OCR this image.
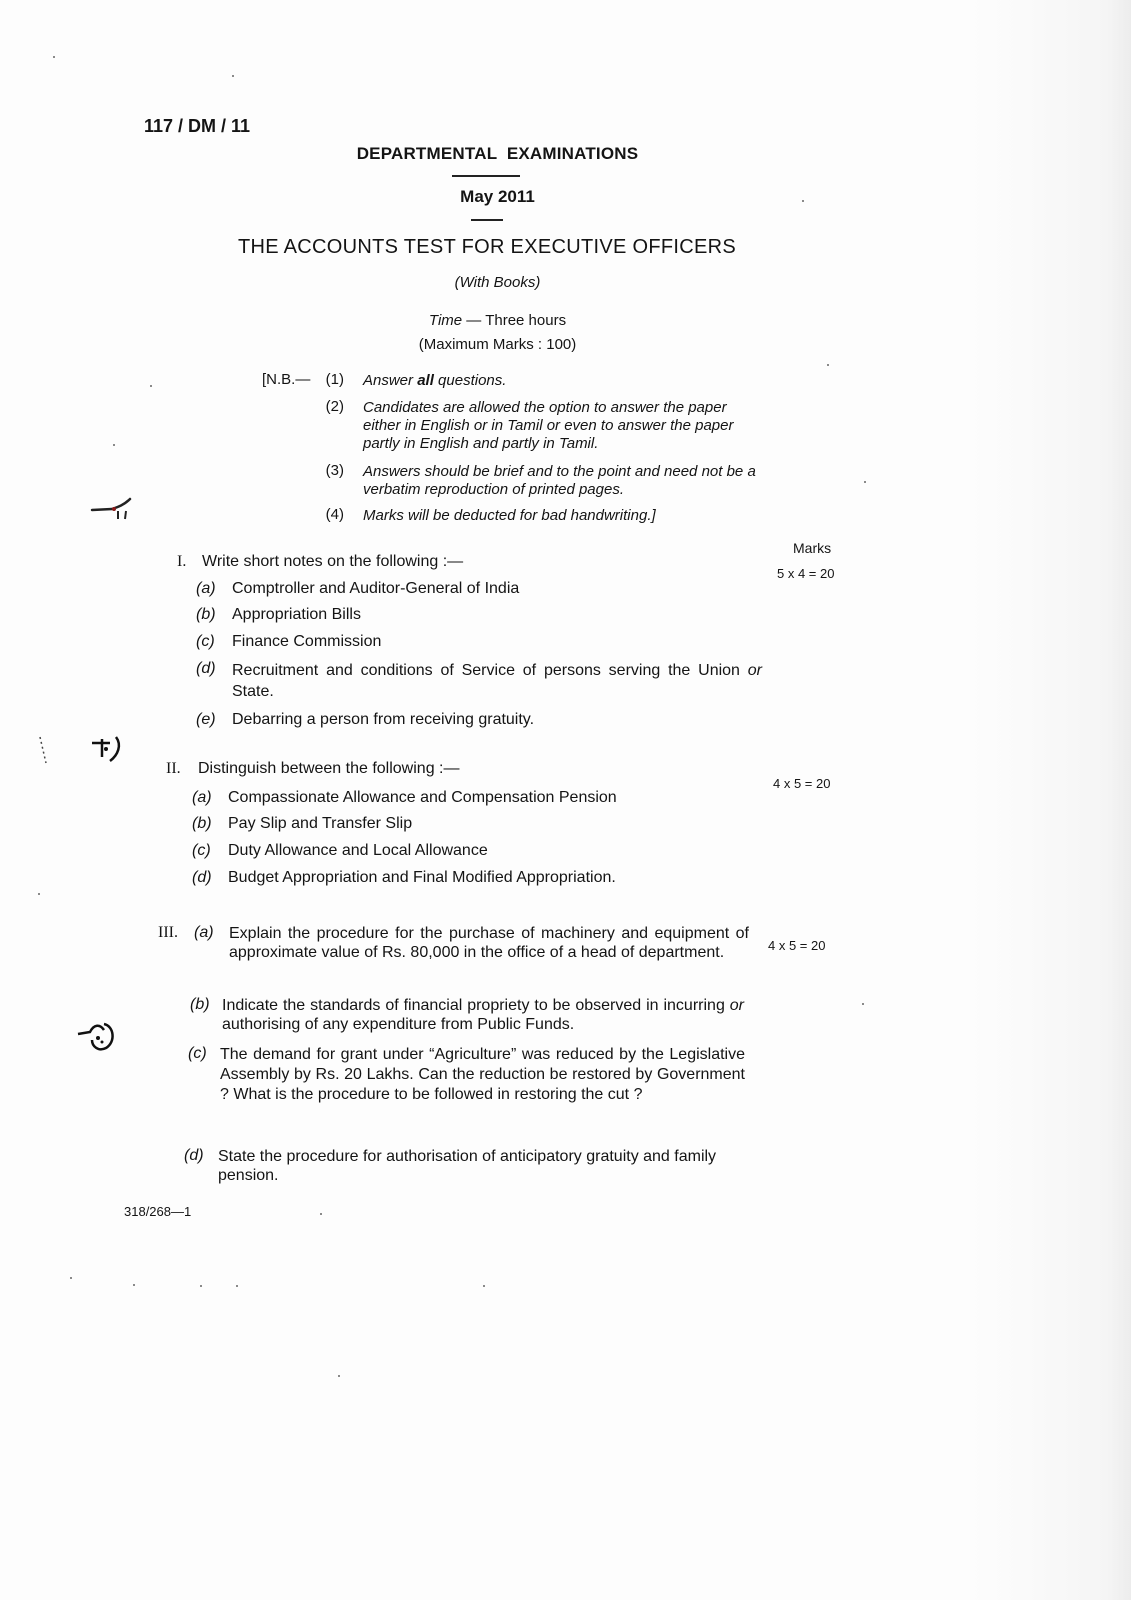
117 / DM / 11
DEPARTMENTAL  EXAMINATIONS
May 2011
THE ACCOUNTS TEST FOR EXECUTIVE OFFICERS
(With Books)
Time — Three hours
(Maximum Marks : 100)
[N.B.—	(1) Answer all questions.
(2) Candidates are allowed the option to answer the paper either in English or in Tamil or even to answer the paper partly in English and partly in Tamil.
(3) Answers should be brief and to the point and need not be a verbatim reproduction of printed pages.
(4) Marks will be deducted for bad handwriting.]
Marks
I. Write short notes on the following :—
5 x 4 = 20
(a) Comptroller and Auditor-General of India
(b) Appropriation Bills
(c) Finance Commission
(d) Recruitment and conditions of Service of persons serving the Union or State.
(e) Debarring a person from receiving gratuity.
II. Distinguish between the following :—
4 x 5 = 20
(a) Compassionate Allowance and Compensation Pension
(b) Pay Slip and Transfer Slip
(c) Duty Allowance and Local Allowance
(d) Budget Appropriation and Final Modified Appropriation.
III.
4 x 5 = 20
(a) Explain the procedure for the purchase of machinery and equipment of approximate value of Rs. 80,000 in the office of a head of department.
(b) Indicate the standards of financial propriety to be observed in incurring or authorising of any expenditure from Public Funds.
(c) The demand for grant under “Agriculture” was reduced by the Legislative Assembly by Rs. 20 Lakhs. Can the reduction be restored by Government ? What is the procedure to be followed in restoring the cut ?
(d) State the procedure for authorisation of anticipatory gratuity and family pension.
318/268—1
